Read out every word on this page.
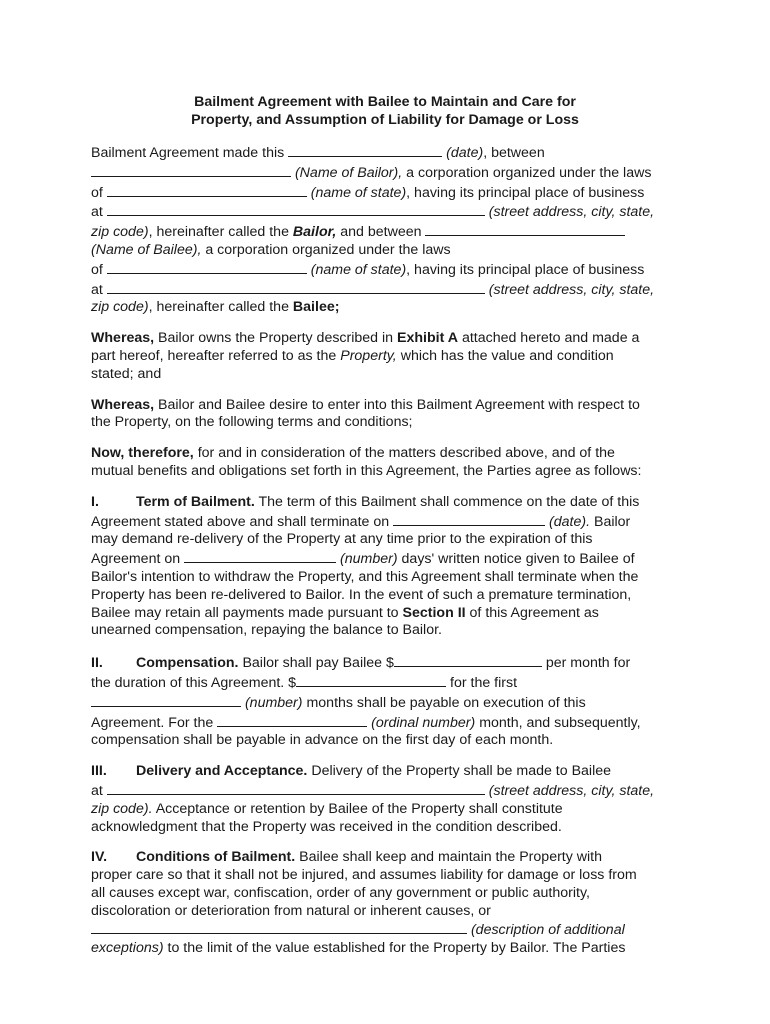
Bailment Agreement with Bailee to Maintain and Care for
Property, and Assumption of Liability for Damage or Loss
Bailment Agreement made this	(date), between
(Name of Bailor), a corporation organized under the laws
of	(name of state), having its principal place of business
at	(street address, city, state,
zip code), hereinafter called the Bailor, and between
(Name of Bailee), a corporation organized under the laws
of	(name of state), having its principal place of business
at	(street address, city, state,
zip code), hereinafter called the Bailee;
Whereas, Bailor owns the Property described in Exhibit A attached hereto and made a
part hereof, hereafter referred to as the Property, which has the value and condition
stated; and
Whereas, Bailor and Bailee desire to enter into this Bailment Agreement with respect to
the Property, on the following terms and conditions;
Now, therefore, for and in consideration of the matters described above, and of the
mutual benefits and obligations set forth in this Agreement, the Parties agree as follows:
I.	Term of Bailment. The term of this Bailment shall commence on the date of this
Agreement stated above and shall terminate on	(date). Bailor
may demand re-delivery of the Property at any time prior to the expiration of this
Agreement on	(number) days' written notice given to Bailee of
Bailor's intention to withdraw the Property, and this Agreement shall terminate when the
Property has been re-delivered to Bailor. In the event of such a premature termination,
Bailee may retain all payments made pursuant to Section II of this Agreement as
unearned compensation, repaying the balance to Bailor.
II. Compensation. Bailor shall pay Bailee $	per month for
the duration of this Agreement. $	for the first
(number) months shall be payable on execution of this
Agreement. For the	(ordinal number) month, and subsequently,
compensation shall be payable in advance on the first day of each month.
III. Delivery and Acceptance. Delivery of the Property shall be made to Bailee
at	(street address, city, state,
zip code). Acceptance or retention by Bailee of the Property shall constitute
acknowledgment that the Property was received in the condition described.
IV. Conditions of Bailment. Bailee shall keep and maintain the Property with
proper care so that it shall not be injured, and assumes liability for damage or loss from
all causes except war, confiscation, order of any government or public authority,
discoloration or deterioration from natural or inherent causes, or
(description of additional
exceptions) to the limit of the value established for the Property by Bailor. The Parties
